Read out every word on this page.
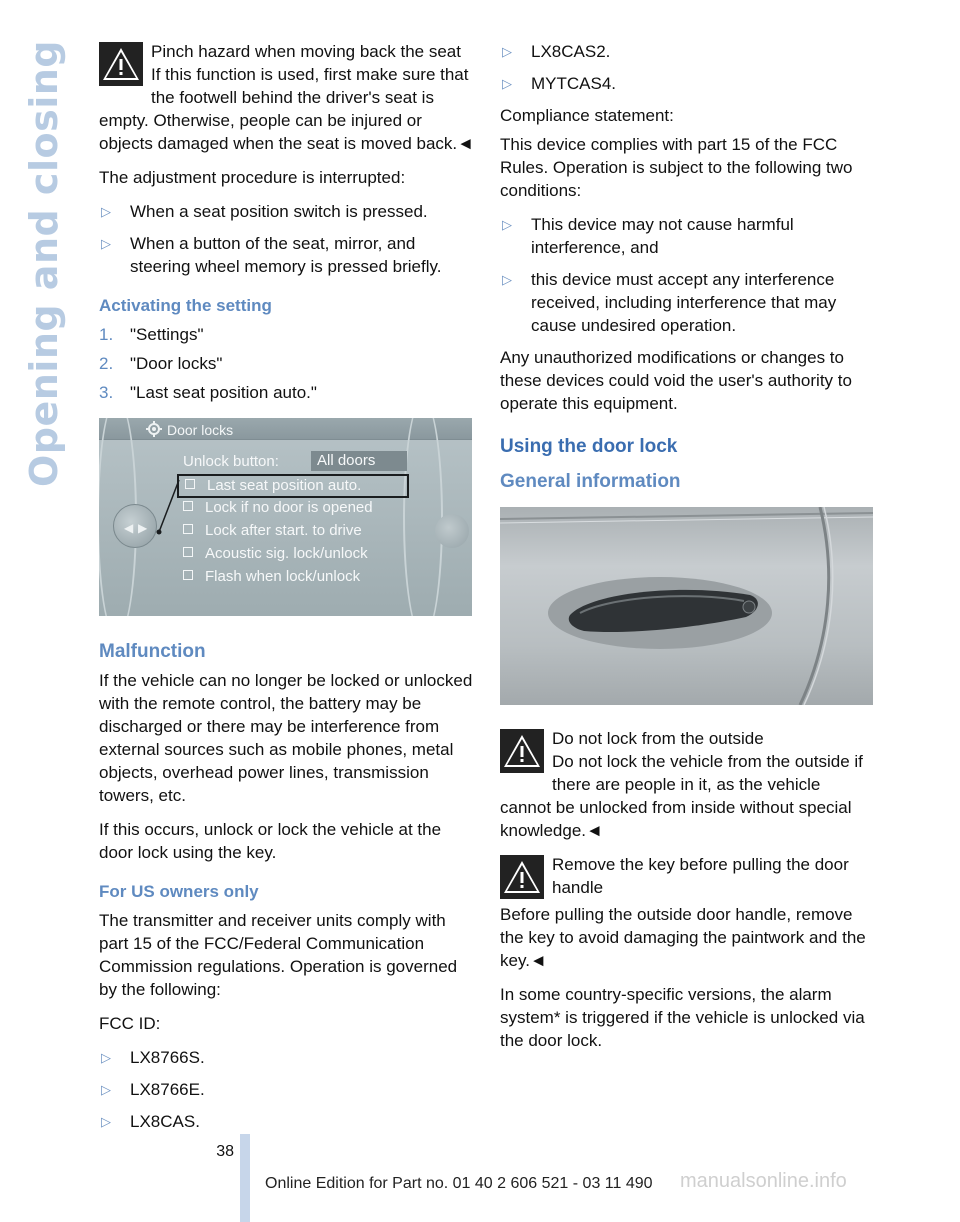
Opening and closing	Pinch hazard when moving back the seat
If this function is used, first make sure that the footwell behind the driver's seat is empty. Otherwise, people can be injured or objects damaged when the seat is moved back.◄

The adjustment procedure is interrupted:

▷ When a seat position switch is pressed.
▷ When a button of the seat, mirror, and steering wheel memory is pressed briefly.
Activating the setting
1. "Settings"
2. "Door locks"
3. "Last seat position auto."
Door locks
◀ ▶
Unlock button:	All doors
Last seat position auto.
Lock if no door is opened
Lock after start. to drive
Acoustic sig. lock/unlock
Flash when lock/unlock
Malfunction

If the vehicle can no longer be locked or unlocked with the remote control, the battery may be discharged or there may be interference from external sources such as mobile phones, metal objects, overhead power lines, transmission towers, etc.

If this occurs, unlock or lock the vehicle at the door lock using the key.

For US owners only

The transmitter and receiver units comply with part 15 of the FCC/Federal Communication Commission regulations. Operation is governed by the following:

FCC ID:

▷ LX8766S.
▷ LX8766E.
▷ LX8CAS.
▷ LX8CAS2.
▷ MYTCAS4.

Compliance statement:

This device complies with part 15 of the FCC Rules. Operation is subject to the following two conditions:

▷ This device may not cause harmful interference, and
▷ this device must accept any interference received, including interference that may cause undesired operation.

Any unauthorized modifications or changes to these devices could void the user's authority to operate this equipment.

Using the door lock
General information
Do not lock from the outside
Do not lock the vehicle from the outside if there are people in it, as the vehicle cannot be unlocked from inside without special knowledge.◄
Remove the key before pulling the door handle
Before pulling the outside door handle, remove the key to avoid damaging the paintwork and the key.◄

In some country-specific versions, the alarm system* is triggered if the vehicle is unlocked via the door lock.

38
Online Edition for Part no. 01 40 2 606 521 - 03 11 490 manualsonline.info
